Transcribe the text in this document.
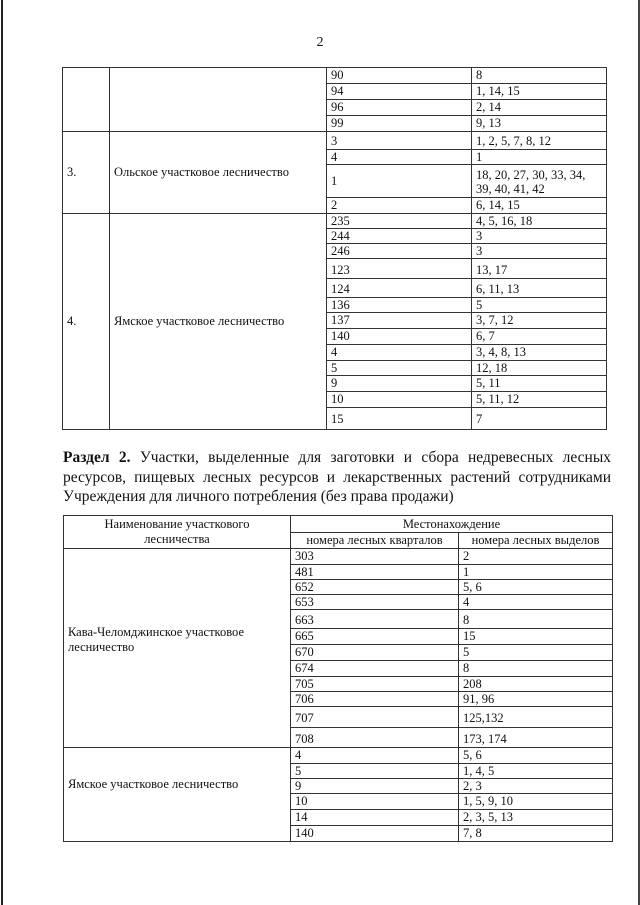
2
90	8
94	1, 14, 15
96	2, 14
99	9, 13
3.	Ольское участковое лесничество
3	1, 2, 5, 7, 8, 12
4	1
1	18, 20, 27, 30, 33, 34, 39, 40, 41, 42
2	6, 14, 15
4.	Ямское участковое лесничество
235	4, 5, 16, 18
244	3
246	3
123	13, 17
124	6, 11, 13
136	5
137	3, 7, 12
140	6, 7
4	3, 4, 8, 13
5	12, 18
9	5, 11
10	5, 11, 12
15	7
Раздел 2. Участки, выделенные для заготовки и сбора недревесных лесных ресурсов, пищевых лесных ресурсов и лекарственных растений сотрудниками Учреждения для личного потребления (без права продажи)
Наименование участкового лесничества
Местонахождение
номера лесных кварталов	номера лесных выделов
Кава-Челомджинское участковое лесничество
303	2
481	1
652	5, 6
653	4
663	8
665	15
670	5
674	8
705	208
706	91, 96
707	125,132
708	173, 174
Ямское участковое лесничество
4	5, 6
5	1, 4, 5
9	2, 3
10	1, 5, 9, 10
14	2, 3, 5, 13
140	7, 8
